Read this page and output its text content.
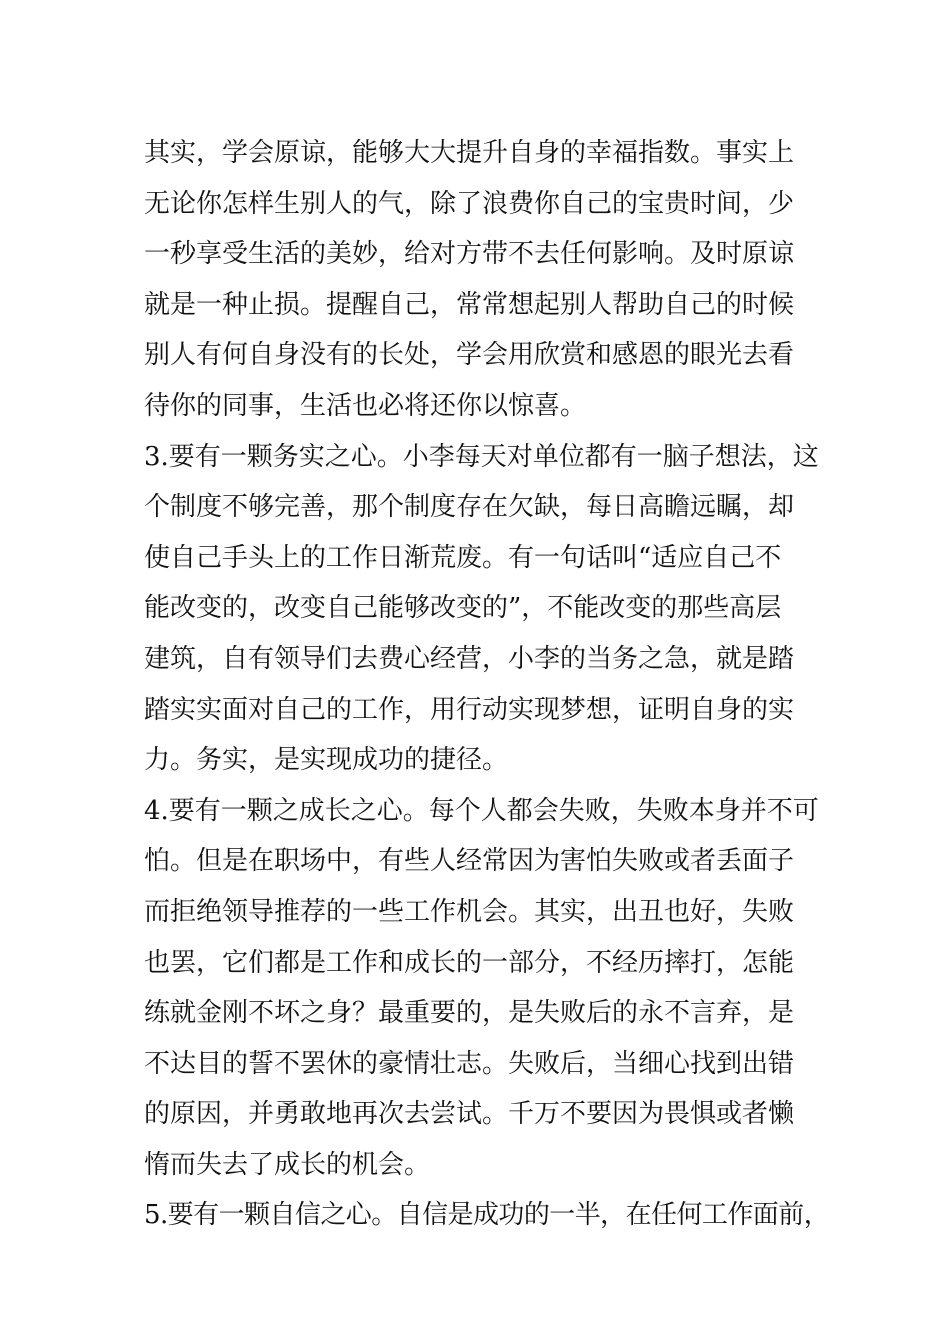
其实，学会原谅，能够大大提升自身的幸福指数。事实上
无论你怎样生别人的气，除了浪费你自己的宝贵时间，少
一秒享受生活的美妙，给对方带不去任何影响。及时原谅
就是一种止损。提醒自己，常常想起别人帮助自己的时候
别人有何自身没有的长处，学会用欣赏和感恩的眼光去看
待你的同事，生活也必将还你以惊喜。
3.要有一颗务实之心。小李每天对单位都有一脑子想法，这
个制度不够完善，那个制度存在欠缺，每日高瞻远瞩，却
使自己手头上的工作日渐荒废。有一句话叫“适应自己不
能改变的，改变自己能够改变的”，不能改变的那些高层
建筑，自有领导们去费心经营，小李的当务之急，就是踏
踏实实面对自己的工作，用行动实现梦想，证明自身的实
力。务实，是实现成功的捷径。
4.要有一颗之成长之心。每个人都会失败，失败本身并不可
怕。但是在职场中，有些人经常因为害怕失败或者丢面子
而拒绝领导推荐的一些工作机会。其实，出丑也好，失败
也罢，它们都是工作和成长的一部分，不经历摔打，怎能
练就金刚不坏之身？最重要的，是失败后的永不言弃，是
不达目的誓不罢休的豪情壮志。失败后，当细心找到出错
的原因，并勇敢地再次去尝试。千万不要因为畏惧或者懒
惰而失去了成长的机会。
5.要有一颗自信之心。自信是成功的一半，在任何工作面前，
